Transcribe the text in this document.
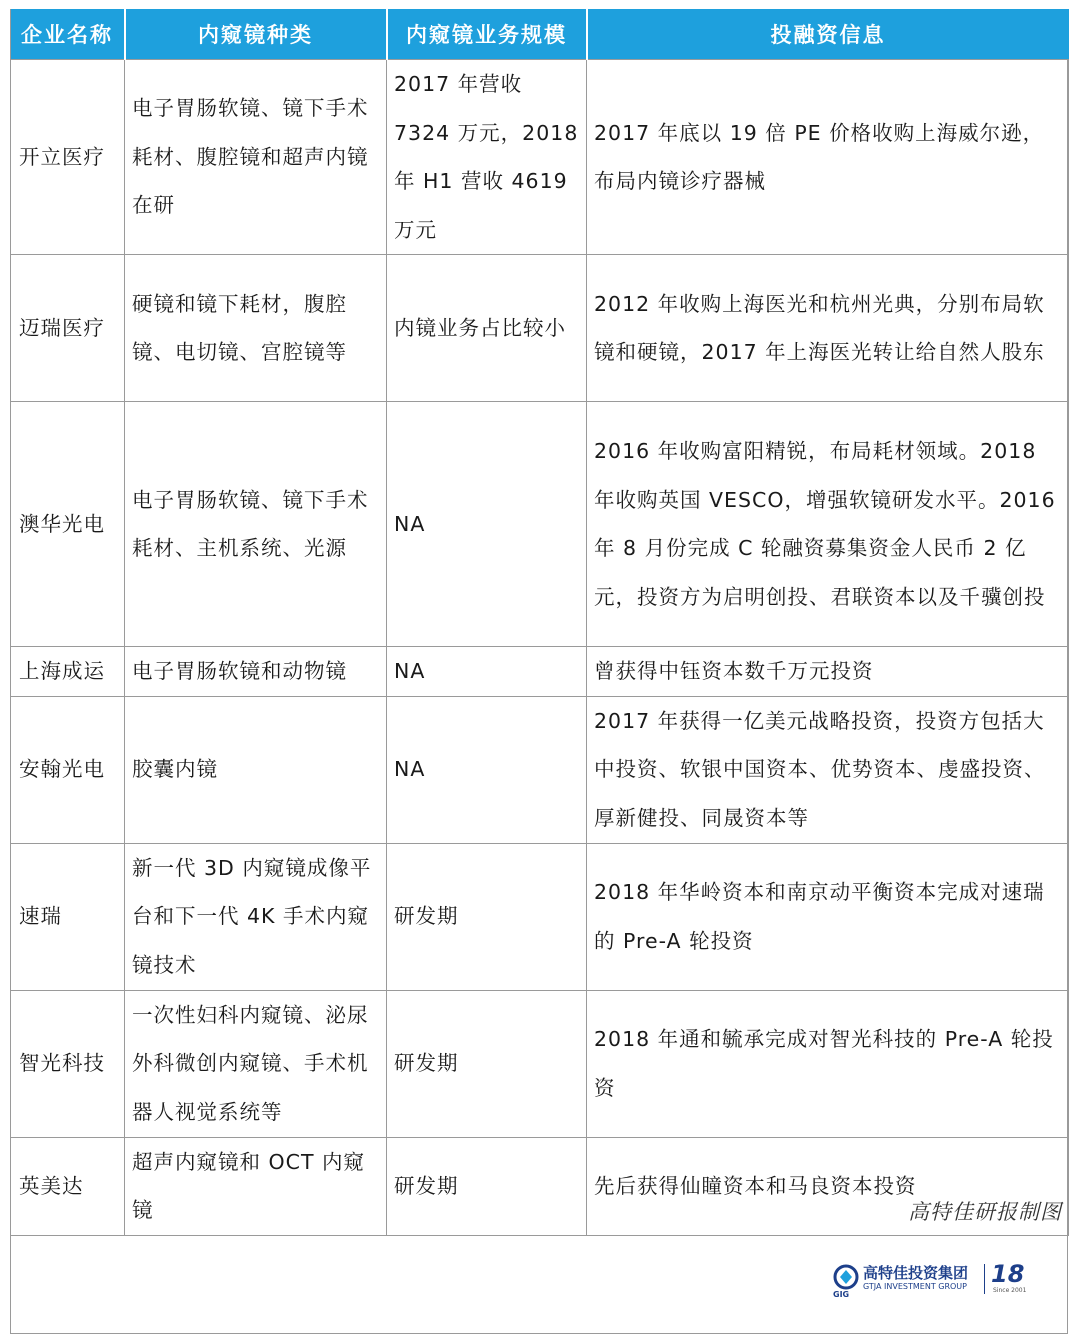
企业名称	内窥镜种类	内窥镜业务规模	投融资信息
开立医疗	电子胃肠软镜、镜下手术耗材、腹腔镜和超声内镜在研	2017 年营收 7324 万元，2018 年 H1 营收 4619 万元	2017 年底以 19 倍 PE 价格收购上海威尔逊，布局内镜诊疗器械
迈瑞医疗	硬镜和镜下耗材，腹腔镜、电切镜、宫腔镜等	内镜业务占比较小	2012 年收购上海医光和杭州光典，分别布局软镜和硬镜，2017 年上海医光转让给自然人股东
澳华光电	电子胃肠软镜、镜下手术耗材、主机系统、光源	NA	2016 年收购富阳精锐，布局耗材领域。2018 年收购英国 VESCO，增强软镜研发水平。2016 年 8 月份完成 C 轮融资募集资金人民币 2 亿元，投资方为启明创投、君联资本以及千骥创投
上海成运	电子胃肠软镜和动物镜	NA	曾获得中钰资本数千万元投资
安翰光电	胶囊内镜	NA	2017 年获得一亿美元战略投资，投资方包括大中投资、软银中国资本、优势资本、虔盛投资、厚新健投、同晟资本等
速瑞	新一代 3D 内窥镜成像平台和下一代 4K 手术内窥镜技术	研发期	2018 年华岭资本和南京动平衡资本完成对速瑞的 Pre-A 轮投资
智光科技	一次性妇科内窥镜、泌尿外科微创内窥镜、手术机器人视觉系统等	研发期	2018 年通和毓承完成对智光科技的 Pre-A 轮投资
英美达	超声内窥镜和 OCT 内窥镜	研发期	先后获得仙瞳资本和马良资本投资
高特佳研报制图
高特佳投资集团
GTJA INVESTMENT GROUP
GIG
18
Since 2001
